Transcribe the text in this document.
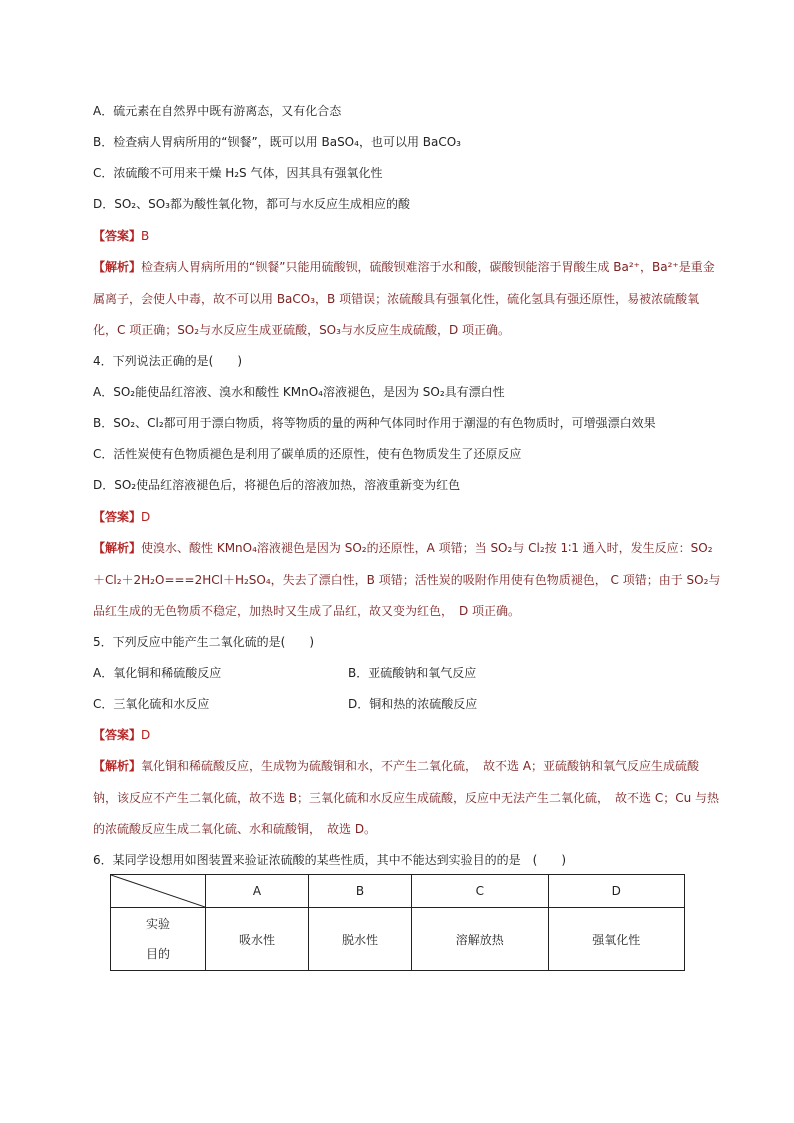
A．硫元素在自然界中既有游离态，又有化合态
B．检查病人胃病所用的“钡餐”，既可以用 BaSO₄，也可以用 BaCO₃
C．浓硫酸不可用来干燥 H₂S 气体，因其具有强氧化性
D．SO₂、SO₃都为酸性氧化物，都可与水反应生成相应的酸
【答案】B
【解析】检查病人胃病所用的“钡餐”只能用硫酸钡，硫酸钡难溶于水和酸，碳酸钡能溶于胃酸生成 Ba²⁺，Ba²⁺是重金属离子，会使人中毒，故不可以用 BaCO₃，B 项错误；浓硫酸具有强氧化性，硫化氢具有强还原性，易被浓硫酸氧化，C 项正确；SO₂与水反应生成亚硫酸，SO₃与水反应生成硫酸，D 项正确。
4．下列说法正确的是(　　)
A．SO₂能使品红溶液、溴水和酸性 KMnO₄溶液褪色，是因为 SO₂具有漂白性
B．SO₂、Cl₂都可用于漂白物质，将等物质的量的两种气体同时作用于潮湿的有色物质时，可增强漂白效果
C．活性炭使有色物质褪色是利用了碳单质的还原性，使有色物质发生了还原反应
D．SO₂使品红溶液褪色后，将褪色后的溶液加热，溶液重新变为红色
【答案】D
【解析】使溴水、酸性 KMnO₄溶液褪色是因为 SO₂的还原性，A 项错；当 SO₂与 Cl₂按 1∶1 通入时，发生反应：SO₂＋Cl₂＋2H₂O===2HCl＋H₂SO₄，失去了漂白性，B 项错；活性炭的吸附作用使有色物质褪色， C 项错；由于 SO₂与品红生成的无色物质不稳定，加热时又生成了品红，故又变为红色，　D 项正确。
5．下列反应中能产生二氧化硫的是(　　)
A．氧化铜和稀硫酸反应	B．亚硫酸钠和氧气反应
C．三氧化硫和水反应	D．铜和热的浓硫酸反应
【答案】D
【解析】氧化铜和稀硫酸反应，生成物为硫酸铜和水，不产生二氧化硫，　故不选 A；亚硫酸钠和氧气反应生成硫酸钠，该反应不产生二氧化硫，故不选 B；三氧化硫和水反应生成硫酸，反应中无法产生二氧化硫，　故不选 C；Cu 与热的浓硫酸反应生成二氧化硫、水和硫酸铜，　故选 D。
6．某同学设想用如图装置来验证浓硫酸的某些性质，其中不能达到实验目的的是　(　　)
	A	B	C	D

实验
目的	吸水性	脱水性	溶解放热	强氧化性
